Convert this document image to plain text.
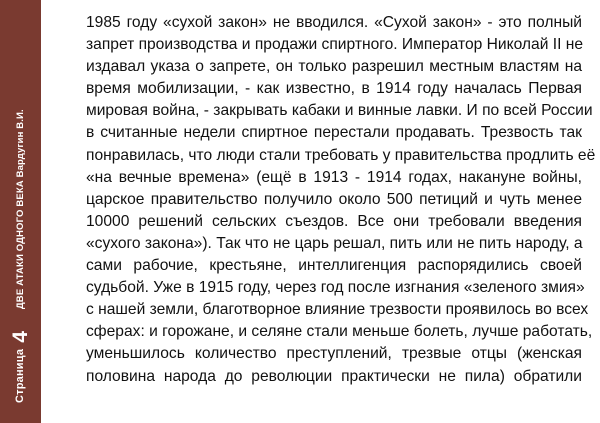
Страница
4
ДВЕ АТАКИ ОДНОГО ВЕКА Вардугин В.И.
1985 году «сухой закон» не вводился. «Сухой закон» - это полный
запрет производства и продажи спиртного. Император Николай II не
издавал указа о запрете, он только разрешил местным властям на
время мобилизации, - как известно, в 1914 году началась Первая
мировая война, - закрывать кабаки и винные лавки. И по всей России
в считанные недели спиртное перестали продавать. Трезвость так
понравилась, что люди стали требовать у правительства продлить её
«на вечные времена» (ещё в 1913 - 1914 годах, накануне войны,
царское правительство получило около 500 петиций и чуть менее
10000 решений сельских съездов. Все они требовали введения
«сухого закона»). Так что не царь решал, пить или не пить народу, а
сами рабочие, крестьяне, интеллигенция распорядились своей
судьбой. Уже в 1915 году, через год после изгнания «зеленого змия»
с нашей земли, благотворное влияние трезвости проявилось во всех
сферах: и горожане, и селяне стали меньше болеть, лучше работать,
уменьшилось количество преступлений, трезвые отцы (женская
половина народа до революции практически не пила) обратили
